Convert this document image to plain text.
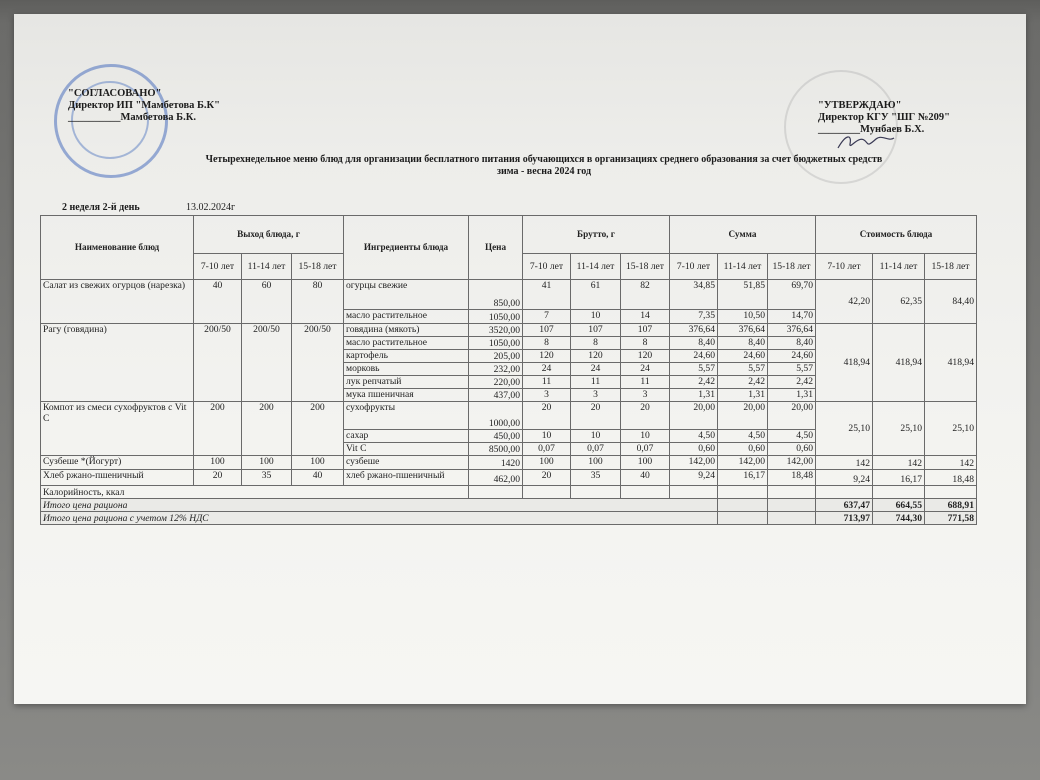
"СОГЛАСОВАНО"
Директор ИП "Мамбетова Б.К"
__________Мамбетова Б.К.
"УТВЕРЖДАЮ"
Директор КГУ "ШГ №209"
________Мунбаев Б.Х.
Четырехнедельное меню блюд для организации бесплатного питания обучающихся в организациях среднего образования за счет бюджетных средств
зима - весна 2024 год
2 неделя 2-й день	13.02.2024г
Наименование блюд	Выход блюда, г			Ингредиенты блюда	Цена	Брутто, г			Сумма			Стоимость блюда		
	7-10 лет	11-14 лет	15-18 лет			7-10 лет	11-14 лет	15-18 лет	7-10 лет	11-14 лет	15-18 лет	7-10 лет	11-14 лет	15-18 лет
Салат из свежих огурцов (нарезка)	40	60	80	огурцы свежие	850,00	41	61	82	34,85	51,85	69,70	42,20	62,35	84,40
				масло растительное	1050,00	7	10	14	7,35	10,50	14,70			
Рагу (говядина)	200/50	200/50	200/50	говядина (мякоть)	3520,00	107	107	107	376,64	376,64	376,64	418,94	418,94	418,94
				масло растительное	1050,00	8	8	8	8,40	8,40	8,40			
				картофель	205,00	120	120	120	24,60	24,60	24,60			
				морковь	232,00	24	24	24	5,57	5,57	5,57			
				лук репчатый	220,00	11	11	11	2,42	2,42	2,42			
				мука пшеничная	437,00	3	3	3	1,31	1,31	1,31			
Компот из смеси сухофруктов с Vit C	200	200	200	сухофрукты	1000,00	20	20	20	20,00	20,00	20,00	25,10	25,10	25,10
				сахар	450,00	10	10	10	4,50	4,50	4,50			
				Vit C	8500,00	0,07	0,07	0,07	0,60	0,60	0,60			
Сузбеше *(Йогурт)	100	100	100	сузбеше	1420	100	100	100	142,00	142,00	142,00	142	142	142
Хлеб ржано-пшеничный	20	35	40	хлеб ржано-пшеничный	462,00	20	35	40	9,24	16,17	18,48	9,24	16,17	18,48
Калорийность, ккал														
Итого цена рациона												637,47	664,55	688,91
Итого цена рациона с учетом 12% НДС												713,97	744,30	771,58
